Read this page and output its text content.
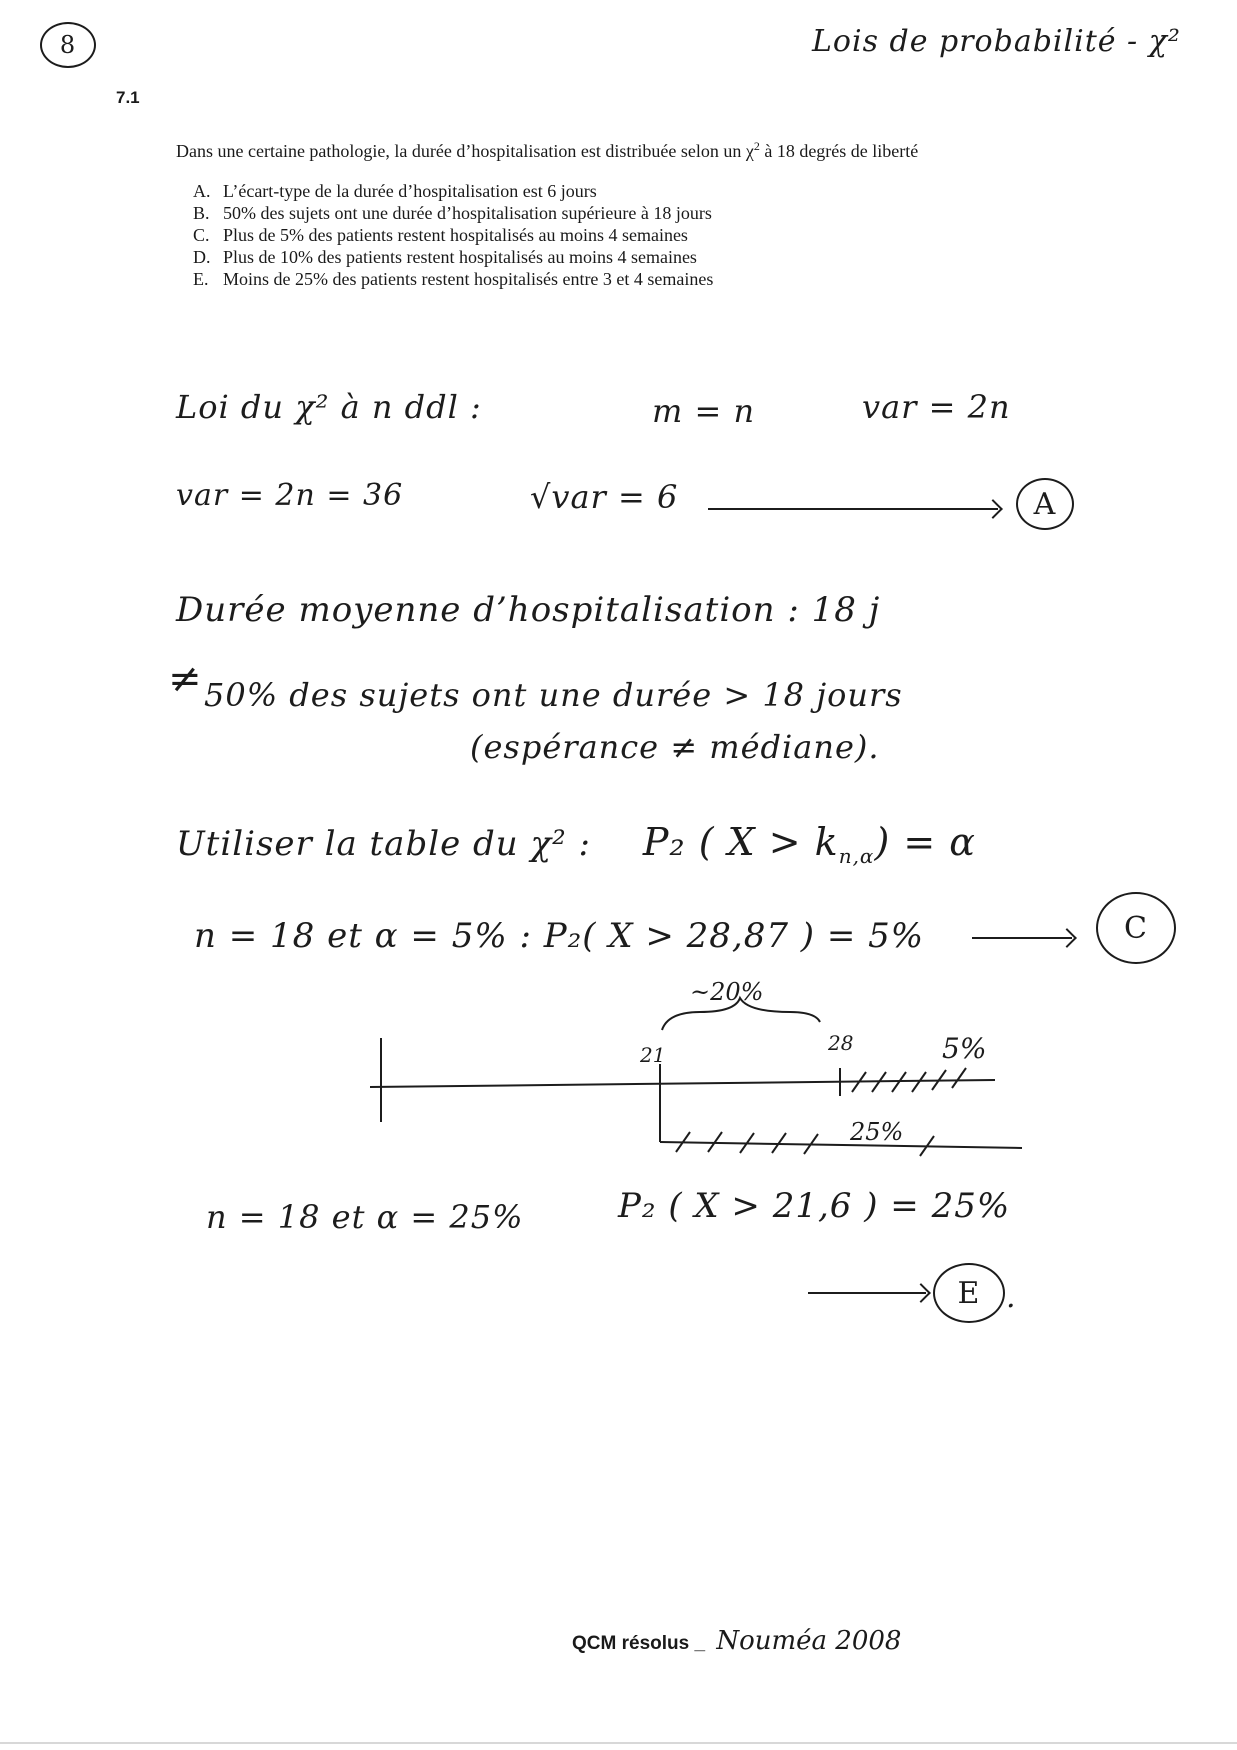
8	Lois de probabilité - χ²
7.1
Dans une certaine pathologie, la durée d’hospitalisation est distribuée selon un $\chi^2$ à 18 degrés de liberté
A. L’écart-type de la durée d’hospitalisation est 6 jours
B. 50% des sujets ont une durée d’hospitalisation supérieure à 18 jours
C. Plus de 5% des patients restent hospitalisés au moins 4 semaines
D. Plus de 10% des patients restent hospitalisés au moins 4 semaines
E. Moins de 25% des patients restent hospitalisés entre 3 et 4 semaines
Loi du χ² à n ddl :	m = n	var = 2n
var = 2n = 36	√var = 6	A
Durée moyenne d’hospitalisation : 18 j
≠ 50% des sujets ont une durée > 18 jours
(espérance ≠ médiane).
Utiliser la table du χ² : P₂ ( $X > k_{n,\alpha}) = \alpha$
n = 18 et α = 5% : P₂( X > 28,87 ) = 5%	C
~20%
21	28	5%
25%
n = 18 et α = 25%	P₂ ( X > 21,6 ) = 25%
E .
QCM résolus _ Nouméa 2008
